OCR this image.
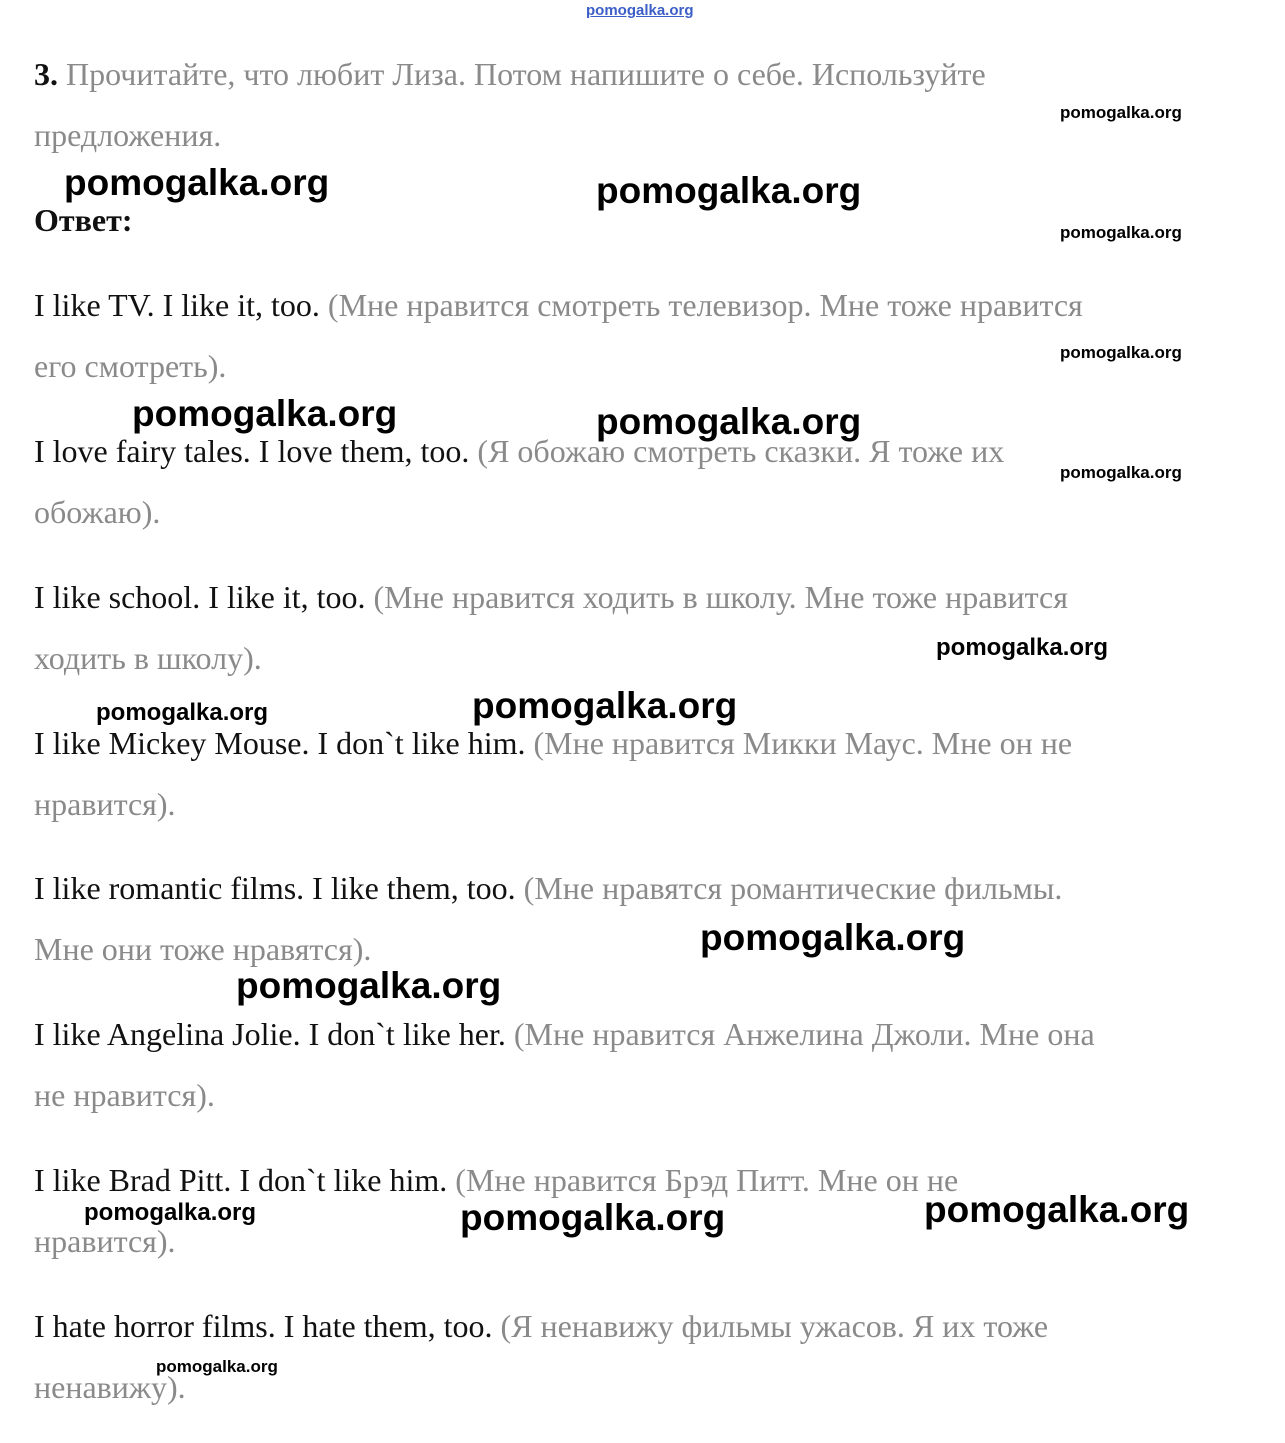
pomogalka.org
3. Прочитайте, что любит Лиза. Потом напишите о себе. Используйте
предложения.
Ответ:
I like TV. I like it, too. (Мне нравится смотреть телевизор. Мне тоже нравится
его смотреть).
I love fairy tales. I love them, too. (Я обожаю смотреть сказки. Я тоже их
обожаю).
I like school. I like it, too. (Мне нравится ходить в школу. Мне тоже нравится
ходить в школу).
I like Mickey Mouse. I don`t like him. (Мне нравится Микки Маус. Мне он не
нравится).
I like romantic films. I like them, too. (Мне нравятся романтические фильмы.
Мне они тоже нравятся).
I like Angelina Jolie. I don`t like her. (Мне нравится Анжелина Джоли. Мне она
не нравится).
I like Brad Pitt. I don`t like him. (Мне нравится Брэд Питт. Мне он не
нравится).
I hate horror films. I hate them, too. (Я ненавижу фильмы ужасов. Я их тоже
ненавижу).
pomogalka.org
pomogalka.org	pomogalka.org
pomogalka.org
pomogalka.org
pomogalka.org	pomogalka.org
pomogalka.org
pomogalka.org
pomogalka.org
pomogalka.org
pomogalka.org
pomogalka.org
pomogalka.org
pomogalka.org	pomogalka.org
pomogalka.org
